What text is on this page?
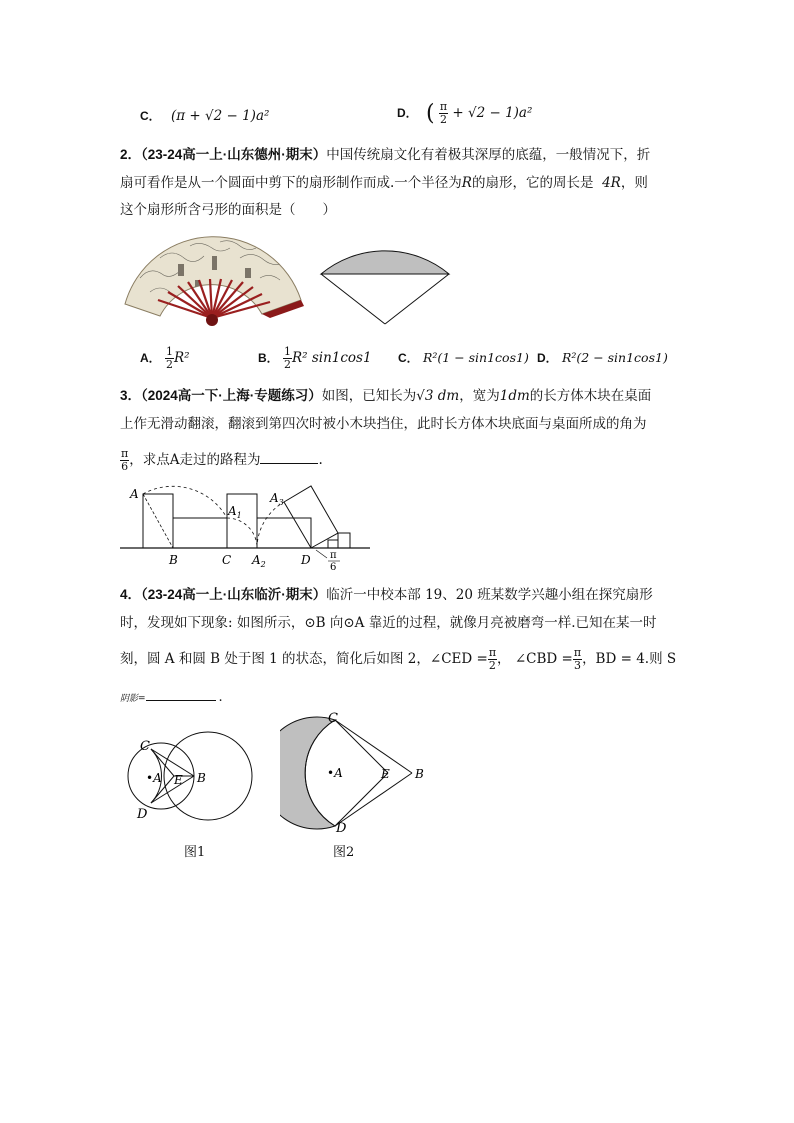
C． (π + √2 − 1)a²	D． ( $\frac{\pi}{2} + √2 - 1)a^2$
2．（23-24高一上·山东德州·期末）中国传统扇文化有着极其深厚的底蕴，一般情况下，折
扇可看作是从一个圆面中剪下的扇形制作而成.一个半径为R的扇形，它的周长是 4R，则
这个扇形所含弓形的面积是（　　）
A． $\frac{1}{2} R^2$	B． $\frac{1}{2} R^2$ sin1cos1 C． R²(1 − sin1cos1) D． R²(2 − sin1cos1)
3．（2024高一下·上海·专题练习）如图，已知长为√3 dm，宽为1dm的长方体木块在桌面
上作无滑动翻滚，翻滚到第四次时被小木块挡住，此时长方体木块底面与桌面所成的角为
$\frac{\pi}{6}$ ，求点A走过的路程为	.
A
$A_1$
$A_2$
$A_3$
B	C	D π
6
4．（23-24高一上·山东临沂·期末）临沂一中校本部 19、20 班某数学兴趣小组在探究扇形
时，发现如下现象: 如图所示，⊙B 向⊙A 靠近的过程，就像月亮被磨弯一样.已知在某一时
刻，圆 A 和圆 B 处于图 1 的状态，简化后如图 2，∠CED = $\frac{\pi}{2}$ ， ∠CBD = $\frac{\pi}{3}$ ，BD = 4.则 S
阴影=	.
C
D
•A E B
图1
C
D
•A	E B
图2
